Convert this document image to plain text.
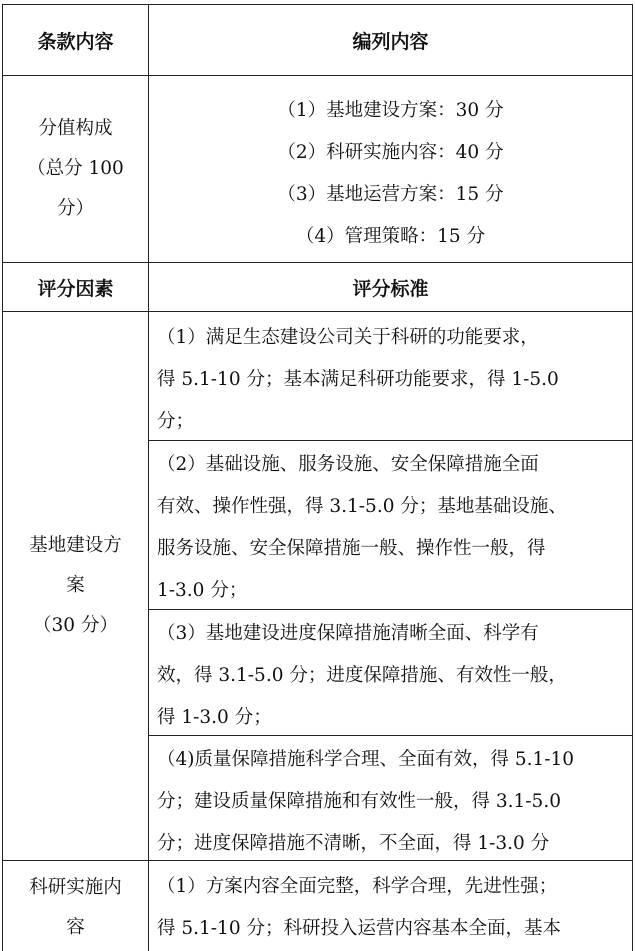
条款内容	编列内容
分值构成
（总分 100
分）
（1）基地建设方案：30 分
（2）科研实施内容：40 分
（3）基地运营方案：15 分
（4）管理策略：15 分
评分因素	评分标准
基地建设方
案
（30 分）
（1）满足生态建设公司关于科研的功能要求，
得 5.1-10 分；基本满足科研功能要求，得 1-5.0
分；
（2）基础设施、服务设施、安全保障措施全面
有效、操作性强，得 3.1-5.0 分；基地基础设施、
服务设施、安全保障措施一般、操作性一般，得
1-3.0 分；
（3）基地建设进度保障措施清晰全面、科学有
效，得 3.1-5.0 分；进度保障措施、有效性一般，
得 1-3.0 分；
（4)质量保障措施科学合理、全面有效，得 5.1-10
分；建设质量保障措施和有效性一般，得 3.1-5.0
分；进度保障措施不清晰，不全面，得 1-3.0 分
科研实施内
容
（1）方案内容全面完整，科学合理，先进性强；
得 5.1-10 分；科研投入运营内容基本全面，基本
